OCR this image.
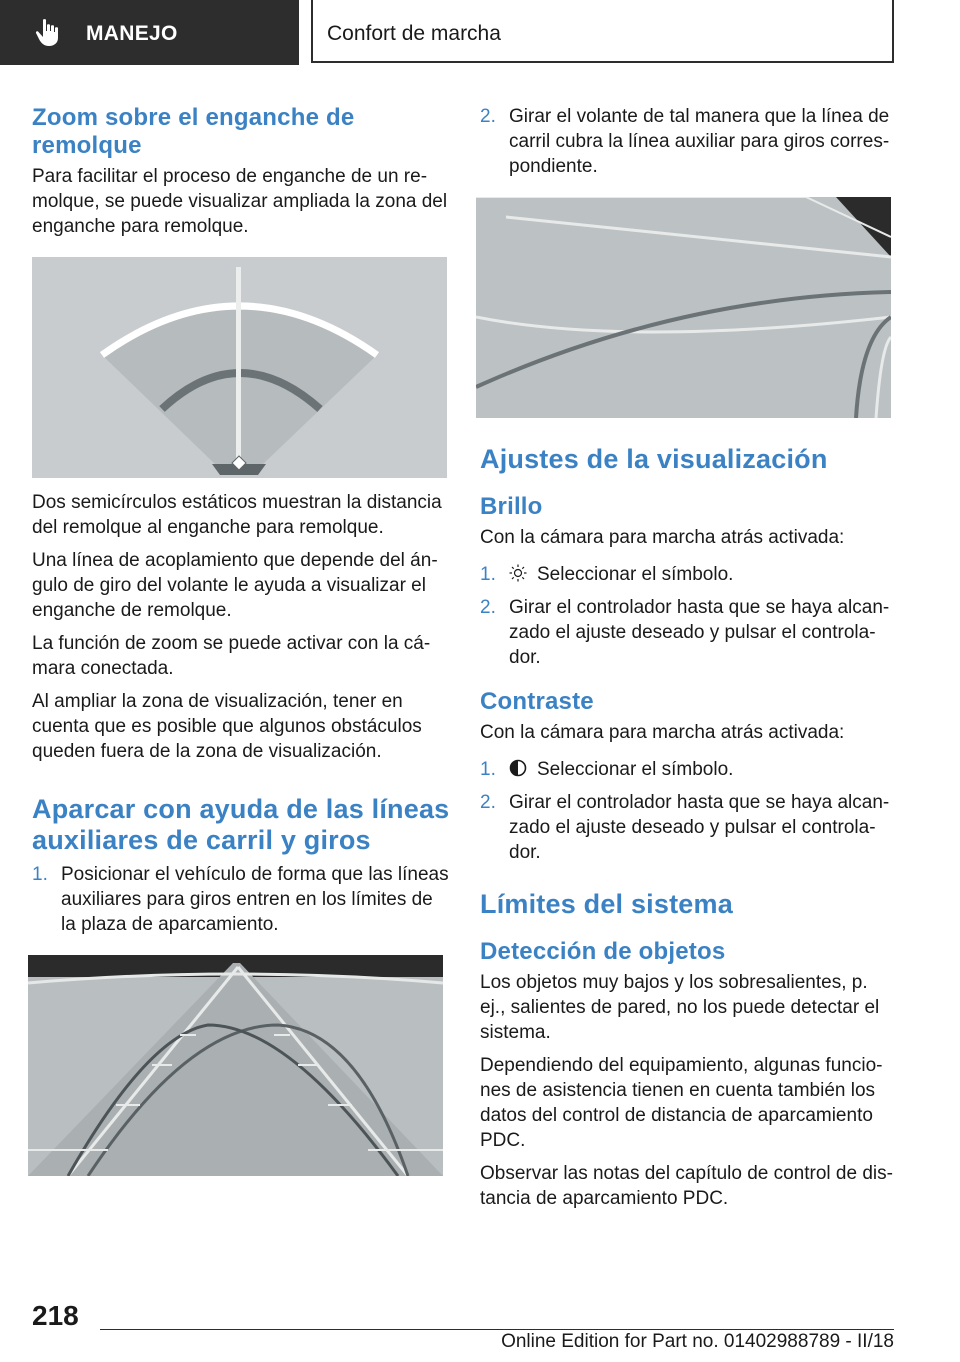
MANEJO	Confort de marcha
Zoom sobre el enganche de remolque

Para facilitar el proceso de enganche de un remolque, se puede visualizar ampliada la zona del enganche para remolque.

Dos semicírculos estáticos muestran la distancia del remolque al enganche para remolque.

Una línea de acoplamiento que depende del ángulo de giro del volante le ayuda a visualizar el enganche de remolque.

La función de zoom se puede activar con la cámara conectada.

Al ampliar la zona de visualización, tener en cuenta que es posible que algunos obstáculos queden fuera de la zona de visualización.

Aparcar con ayuda de las líneas auxiliares de carril y giros
1. Posicionar el vehículo de forma que las líneas auxiliares para giros entren en los límites de la plaza de aparcamiento.
2. Girar el volante de tal manera que la línea de carril cubra la línea auxiliar para giros correspondiente.
Ajustes de la visualización
Brillo

Con la cámara para marcha atrás activada:

1. Seleccionar el símbolo.
2. Girar el controlador hasta que se haya alcanzado el ajuste deseado y pulsar el controlador.
Contraste

Con la cámara para marcha atrás activada:

1. Seleccionar el símbolo.
2. Girar el controlador hasta que se haya alcanzado el ajuste deseado y pulsar el controlador.
Límites del sistema
Detección de objetos

Los objetos muy bajos y los sobresalientes, p. ej., salientes de pared, no los puede detectar el sistema.

Dependiendo del equipamiento, algunas funciones de asistencia tienen en cuenta también los datos del control de distancia de aparcamiento PDC.

Observar las notas del capítulo de control de distancia de aparcamiento PDC.

218
Online Edition for Part no. 01402988789 - II/18
